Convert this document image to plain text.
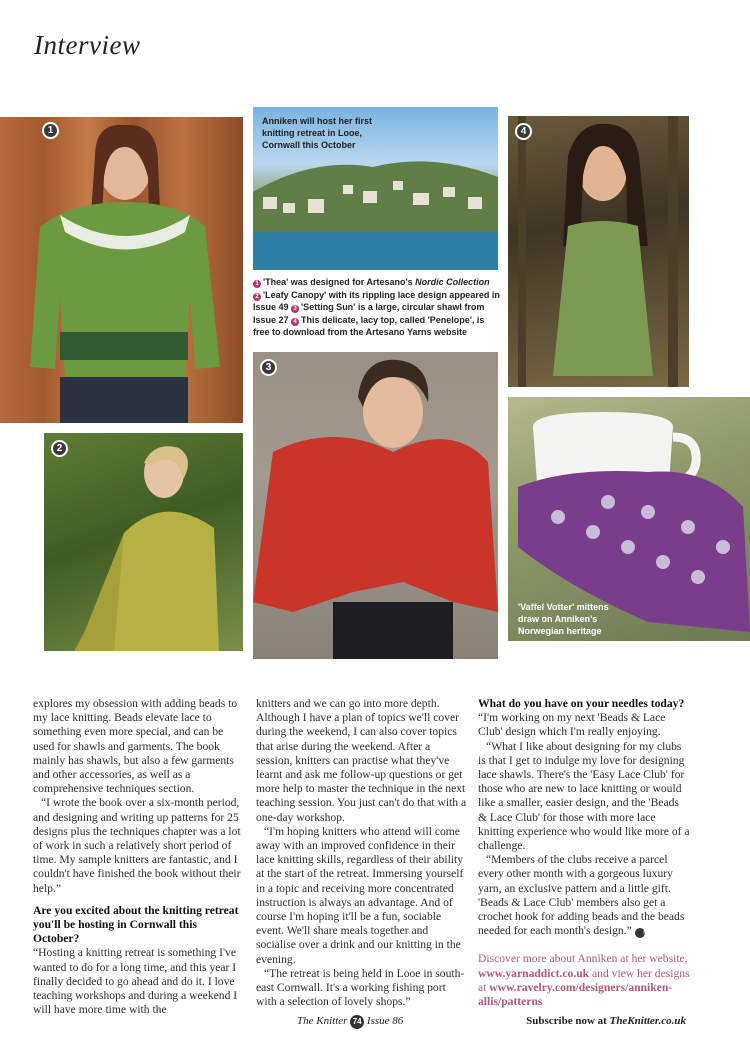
Interview
1
Anniken will host her first knitting retreat in Looe, Cornwall this October
1 'Thea' was designed for Artesano's Nordic Collection
2 'Leafy Canopy' with its rippling lace design appeared in Issue 49 3 'Setting Sun' is a large, circular shawl from Issue 27 4 This delicate, lacy top, called 'Penelope', is free to download from the Artesano Yarns website
2
3
4
'Vaffel Votter' mittens draw on Anniken's Norwegian heritage

explores my obsession with adding beads to my lace knitting. Beads elevate lace to something even more special, and can be used for shawls and garments. The book mainly has shawls, but also a few garments and other accessories, as well as a comprehensive techniques section.

“I wrote the book over a six-month period, and designing and writing up patterns for 25 designs plus the techniques chapter was a lot of work in such a relatively short period of time. My sample knitters are fantastic, and I couldn't have finished the book without their help.”

Are you excited about the knitting retreat you'll be hosting in Cornwall this October?

“Hosting a knitting retreat is something I've wanted to do for a long time, and this year I finally decided to go ahead and do it. I love teaching workshops and during a weekend I will have more time with the

knitters and we can go into more depth. Although I have a plan of topics we'll cover during the weekend, I can also cover topics that arise during the weekend. After a session, knitters can practise what they've learnt and ask me follow-up questions or get more help to master the technique in the next teaching session. You just can't do that with a one-day workshop.

“I'm hoping knitters who attend will come away with an improved confidence in their lace knitting skills, regardless of their ability at the start of the retreat. Immersing yourself in a topic and receiving more concentrated instruction is always an advantage. And of course I'm hoping it'll be a fun, sociable event. We'll share meals together and socialise over a drink and our knitting in the evening.

“The retreat is being held in Looe in south-east Cornwall. It's a working fishing port with a selection of lovely shops.”

What do you have on your needles today?

“I'm working on my next 'Beads & Lace Club' design which I'm really enjoying.

“What I like about designing for my clubs is that I get to indulge my love for designing lace shawls. There's the 'Easy Lace Club' for those who are new to lace knitting or would like a smaller, easier design, and the 'Beads & Lace Club' for those with more lace knitting experience who would like more of a challenge.

“Members of the clubs receive a parcel every other month with a gorgeous luxury yarn, an exclusive pattern and a little gift. 'Beads & Lace Club' members also get a crochet hook for adding beads and the beads needed for each month's design.” ©

Discover more about Anniken at her website, www.yarnaddict.co.uk and view her designs at www.ravelry.com/designers/anniken-allis/patterns

The Knitter 74 Issue 86	Subscribe now at TheKnitter.co.uk
